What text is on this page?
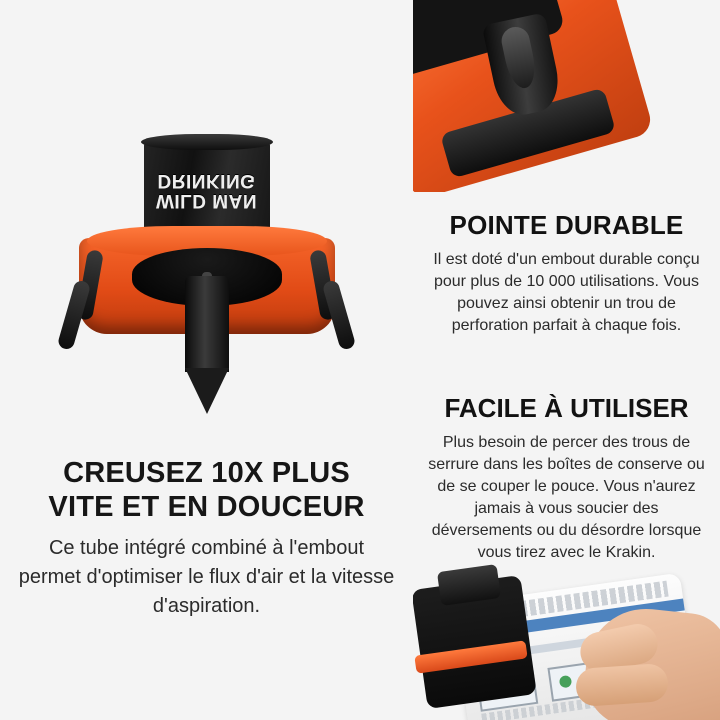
WILD MAN
DRINKING
CREUSEZ 10X PLUS
VITE ET EN DOUCEUR
Ce tube intégré combiné à l'embout permet d'optimiser le flux d'air et la vitesse d'aspiration.
POINTE DURABLE
Il est doté d'un embout durable conçu pour plus de 10 000 utilisations. Vous pouvez ainsi obtenir un trou de perforation parfait à chaque fois.
FACILE À UTILISER
Plus besoin de percer des trous de serrure dans les boîtes de conserve ou de se couper le pouce. Vous n'aurez jamais à vous soucier des déversements ou du désordre lorsque vous tirez avec le Krakin.
